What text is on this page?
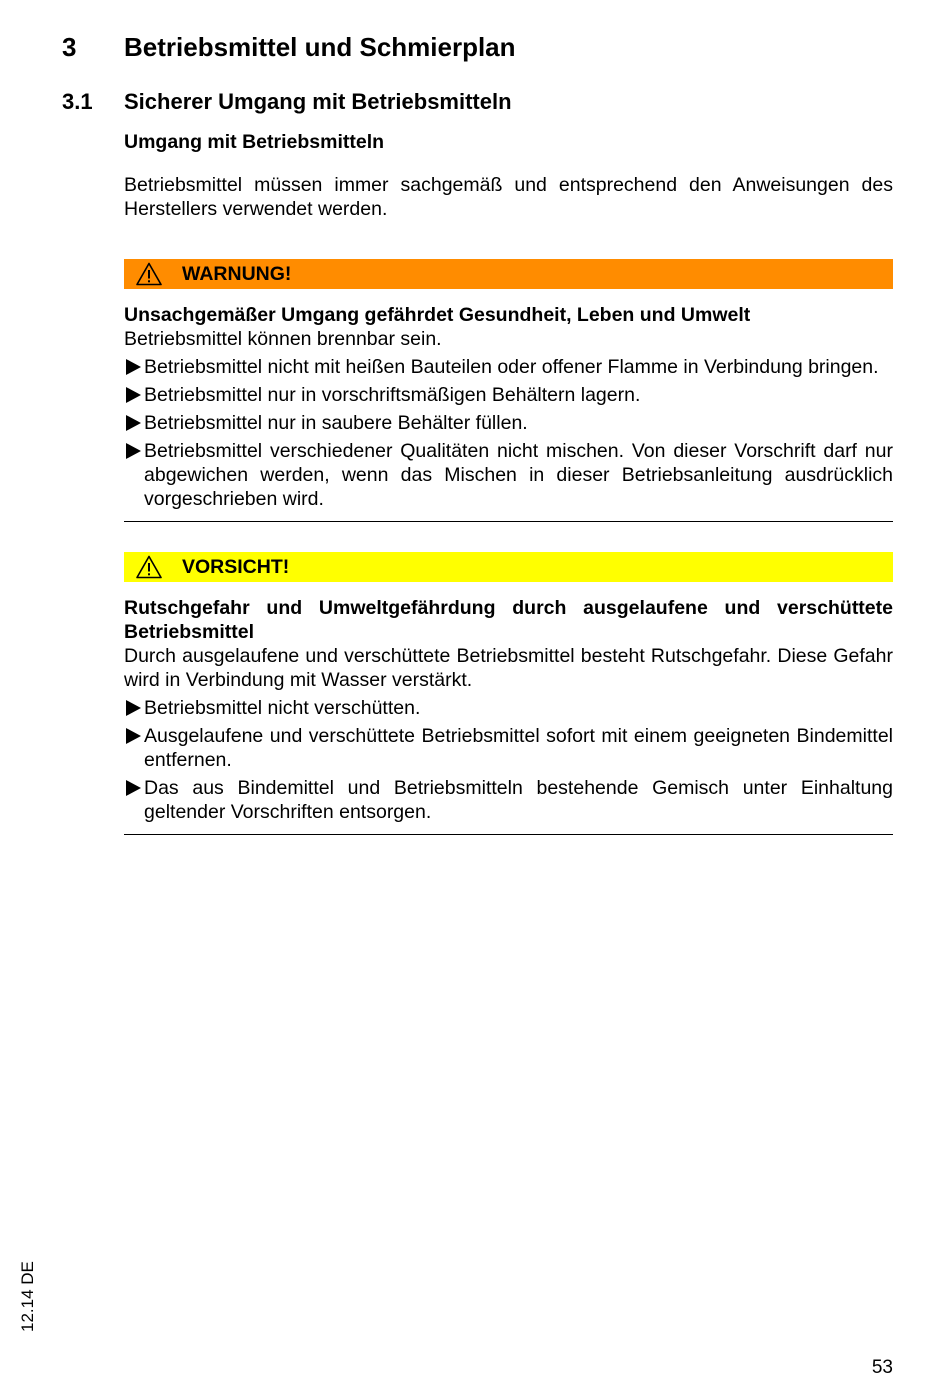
3 Betriebsmittel und Schmierplan
3.1 Sicherer Umgang mit Betriebsmitteln

Umgang mit Betriebsmitteln

Betriebsmittel müssen immer sachgemäß und entsprechend den Anweisungen des Herstellers verwendet werden.

WARNUNG!

Unsachgemäßer Umgang gefährdet Gesundheit, Leben und Umwelt

Betriebsmittel können brennbar sein.

Betriebsmittel nicht mit heißen Bauteilen oder offener Flamme in Verbindung bringen.
Betriebsmittel nur in vorschriftsmäßigen Behältern lagern.
Betriebsmittel nur in saubere Behälter füllen.
Betriebsmittel verschiedener Qualitäten nicht mischen. Von dieser Vorschrift darf nur abgewichen werden, wenn das Mischen in dieser Betriebsanleitung ausdrücklich vorgeschrieben wird.
VORSICHT!

Rutschgefahr und Umweltgefährdung durch ausgelaufene und verschüttete Betriebsmittel

Durch ausgelaufene und verschüttete Betriebsmittel besteht Rutschgefahr. Diese Gefahr wird in Verbindung mit Wasser verstärkt.

Betriebsmittel nicht verschütten.
Ausgelaufene und verschüttete Betriebsmittel sofort mit einem geeigneten Bindemittel entfernen.
Das aus Bindemittel und Betriebsmitteln bestehende Gemisch unter Einhaltung geltender Vorschriften entsorgen.
12.14 DE
53
